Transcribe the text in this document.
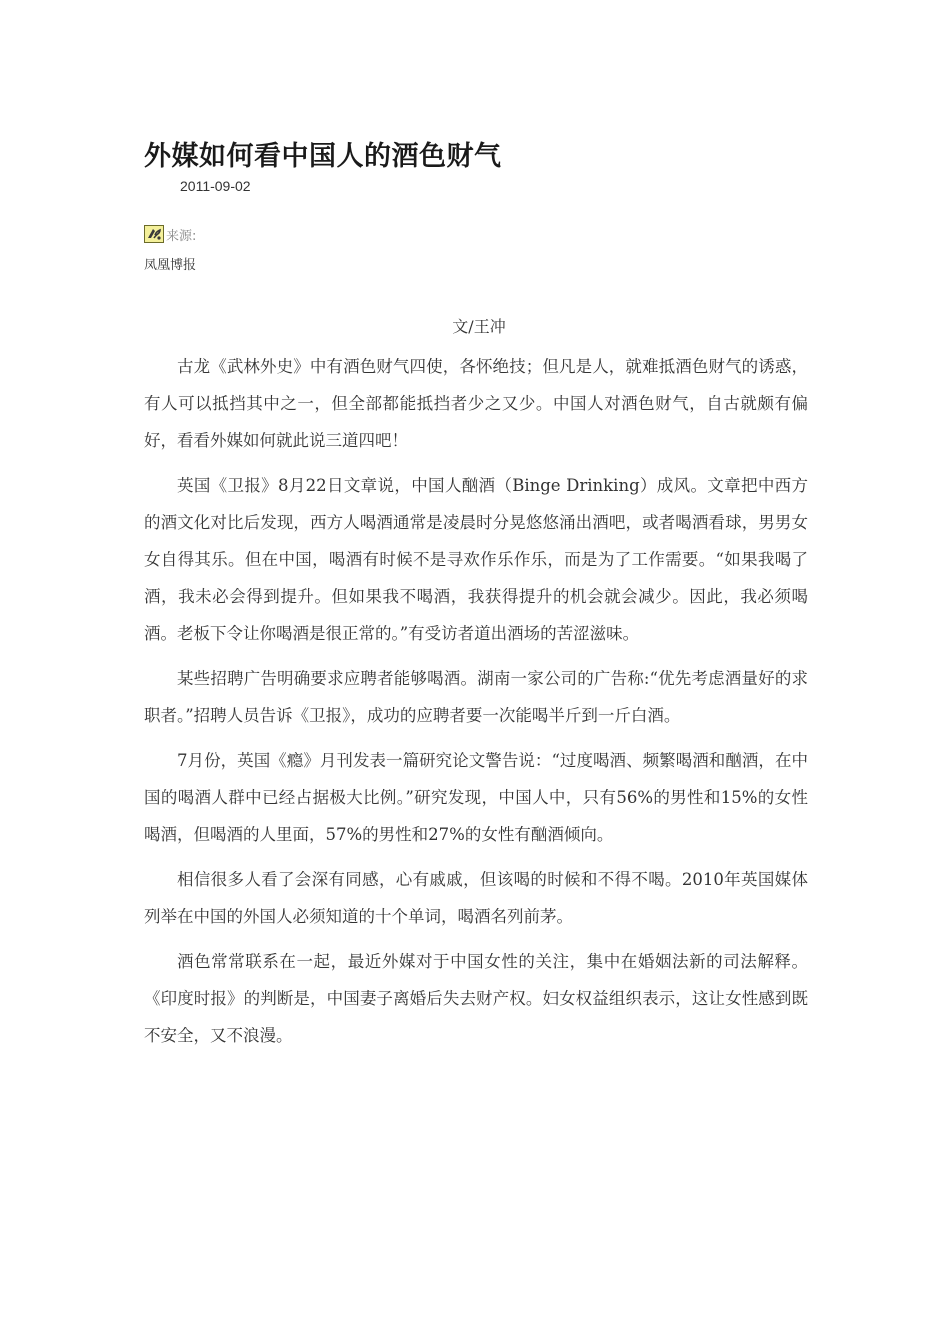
外媒如何看中国人的酒色财气
2011-09-02
来源:
凤凰博报
文/王冲

古龙《武林外史》中有酒色财气四使，各怀绝技；但凡是人，就难抵酒色财气的诱惑，有人可以抵挡其中之一，但全部都能抵挡者少之又少。中国人对酒色财气，自古就颇有偏好，看看外媒如何就此说三道四吧！

英国《卫报》8月22日文章说，中国人酗酒（Binge Drinking）成风。文章把中西方的酒文化对比后发现，西方人喝酒通常是凌晨时分晃悠悠涌出酒吧，或者喝酒看球，男男女女自得其乐。但在中国，喝酒有时候不是寻欢作乐作乐，而是为了工作需要。“如果我喝了酒，我未必会得到提升。但如果我不喝酒，我获得提升的机会就会减少。因此，我必须喝酒。老板下令让你喝酒是很正常的。”有受访者道出酒场的苦涩滋味。

某些招聘广告明确要求应聘者能够喝酒。湖南一家公司的广告称:“优先考虑酒量好的求职者。”招聘人员告诉《卫报》，成功的应聘者要一次能喝半斤到一斤白酒。

7月份，英国《瘾》月刊发表一篇研究论文警告说：“过度喝酒、频繁喝酒和酗酒，在中国的喝酒人群中已经占据极大比例。”研究发现，中国人中，只有56%的男性和15%的女性喝酒，但喝酒的人里面，57%的男性和27%的女性有酗酒倾向。

相信很多人看了会深有同感，心有戚戚，但该喝的时候和不得不喝。2010年英国媒体列举在中国的外国人必须知道的十个单词，喝酒名列前茅。

酒色常常联系在一起，最近外媒对于中国女性的关注，集中在婚姻法新的司法解释。《印度时报》的判断是，中国妻子离婚后失去财产权。妇女权益组织表示，这让女性感到既不安全，又不浪漫。
